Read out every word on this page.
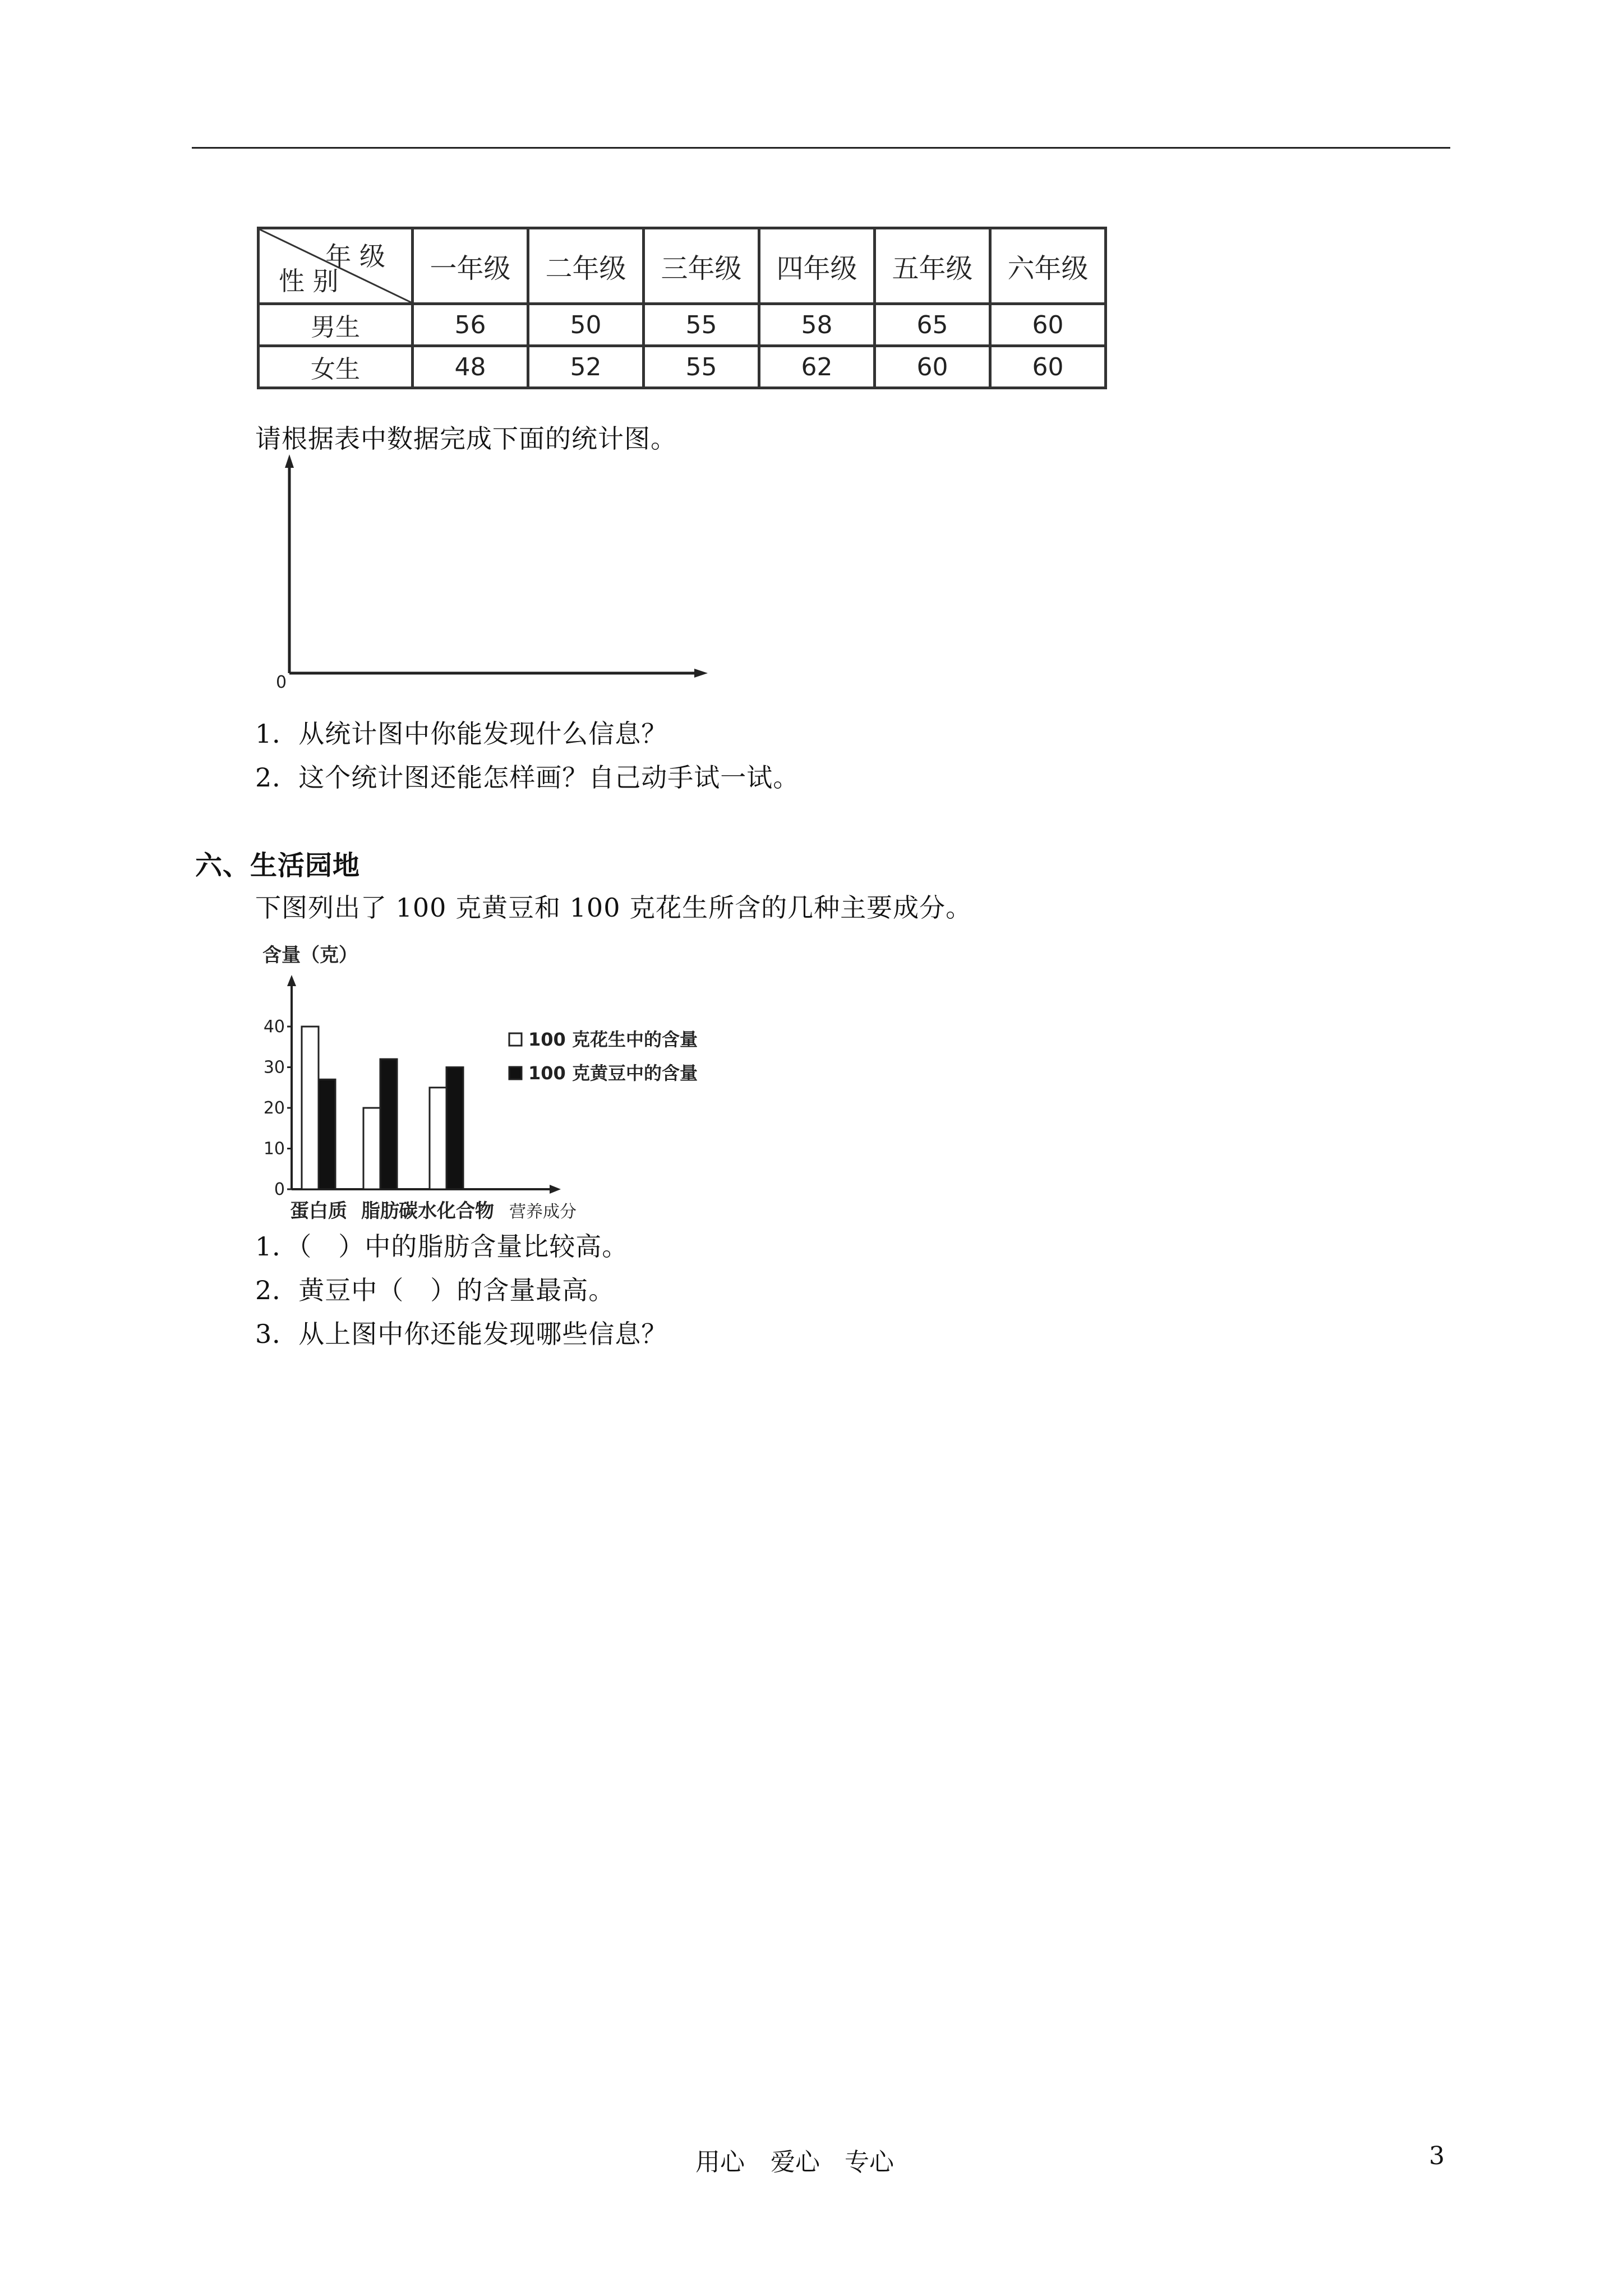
年 级
性 别	一年级	二年级	三年级	四年级	五年级	六年级
男生	56	50	55	58	65	60
女生	48	52	55	62	60	60
请根据表中数据完成下面的统计图。
0
1．从统计图中你能发现什么信息？
2．这个统计图还能怎样画？自己动手试一试。
六、生活园地
下图列出了 100 克黄豆和 100 克花生所含的几种主要成分。
0
10
20
30
40
含量（克）
营养成分
蛋白质 脂肪 碳水化合物
100 克花生中的含量
100 克黄豆中的含量
1．（　）中的脂肪含量比较高。
2．黄豆中（　）的含量最高。
3．从上图中你还能发现哪些信息？
用心 爱心 专心	3
